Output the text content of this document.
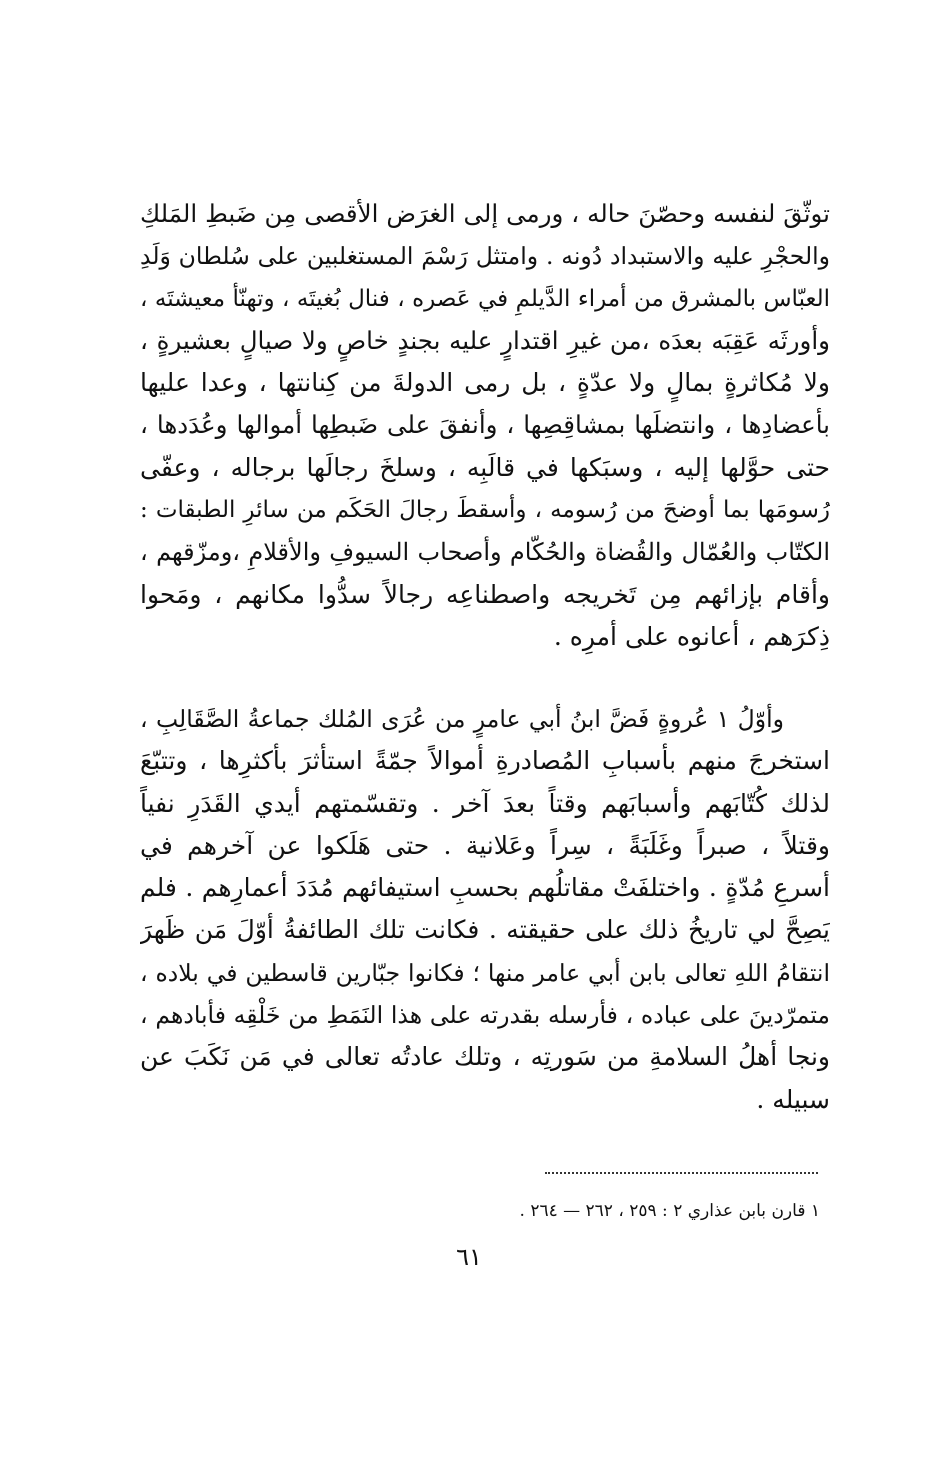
توثّقَ لنفسه وحصّنَ حاله ، ورمى إلى الغرَض الأقصى مِن ضَبطِ المَلكِ
والحجْرِ عليه والاستبداد دُونه . وامتثل رَسْمَ المستغلبين على سُلطان وَلَدِ
العبّاس بالمشرق من أمراء الدَّيلمِ في عَصره ، فنال بُغيتَه ، وتهنّأ معيشتَه ،
وأورثَه عَقِبَه بعدَه ،من غيرِ اقتدارٍ عليه بجندٍ خاصٍ ولا صيالٍ بعشيرةٍ ،
ولا مُكاثرةٍ بمالٍ ولا عدّةٍ ، بل رمى الدولةَ من كِنانتها ، وعدا عليها
بأعضادِها ، وانتضلَها بمشاقِصِها ، وأنفقَ على ضَبطِها أموالها وعُدَدها ،
حتى حوَّلها إليه ، وسبَكها في قالَبِه ، وسلخَ رجالَها برجاله ، وعفّى
رُسومَها بما أوضحَ من رُسومه ، وأسقطَ رجالَ الحَكَم من سائرِ الطبقات :
الكتّاب والعُمّال والقُضاة والحُكّام وأصحاب السيوفِ والأقلامِ ،ومزّقهم ،
وأقام بإزائهم مِن تَخريجه واصطناعِه رجالاً سدُّوا مكانهم ، ومَحوا
ذِكرَهم ، أعانوه على أمرِه .
وأوّلُ ١ عُروةٍ فَضَّ ابنُ أبي عامرٍ من عُرَى المُلك جماعةُ الصَّقَالِبِ ،
استخرجَ منهم بأسبابِ المُصادرةِ أموالاً جمّةً استأثرَ بأكثرِها ، وتتبّعَ
لذلك كُتّابَهم وأسبابَهم وقتاً بعدَ آخر . وتقسّمتهم أيدي القَدَرِ نفياً
وقتلاً ، صبراً وغَلَبَةً ، سِراً وعَلانية . حتى هَلَكوا عن آخرهم في
أسرعِ مُدّةٍ . واختلفَتْ مقاتلُهم بحسبِ استيفائهم مُدَدَ أعمارِهم . فلم
يَصِحَّ لي تاريخُ ذلك على حقيقته . فكانت تلك الطائفةُ أوّلَ مَن ظَهرَ
انتقامُ اللهِ تعالى بابن أبي عامر منها ؛ فكانوا جبّارين قاسطين في بلاده ،
متمرّدينَ على عباده ، فأرسله بقدرته على هذا النَمَطِ من خَلْقِه فأبادهم ،
ونجا أهلُ السلامةِ من سَورتِه ، وتلك عادتُه تعالى في مَن نَكَبَ عن
سبيله .
١ قارن بابن عذاري ٢ : ٢٥٩ ، ٢٦٢ — ٢٦٤ .
٦١
